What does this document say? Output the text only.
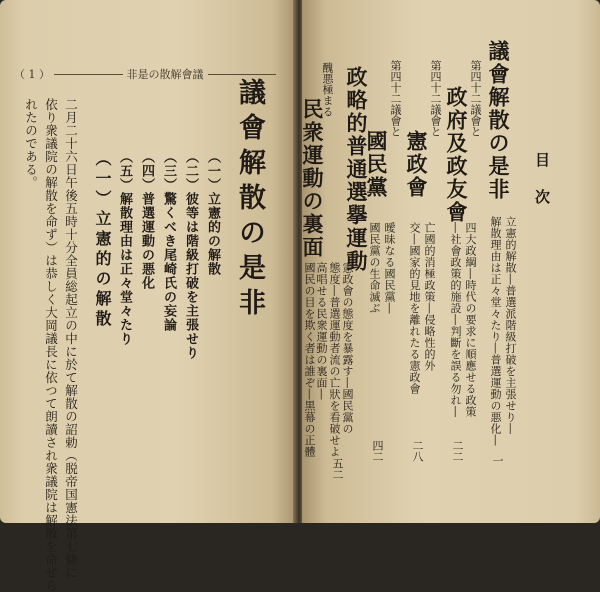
（ 1 ）	非是の散解會議
議會解散の是非
（一）立憲的の解散
（二）彼等は階級打破を主張せり
（三）驚くべき尾崎氏の妄論
（四）普選運動の悪化
（五）解散理由は正々堂々たり
（一）立憲的の解散
二月二十六日午後五時十分全員総起立の中に於て解散の詔勅（脱帝国憲法第七條に
依り衆議院の解散を命ず）は恭しく大岡議長に依つて朗讀され衆議院は解散を命ぜら
れたのである。	目次
議會解散の是非
立憲的解散―普選派階級打破を主張せり―
解散理由は正々堂々たり―普選運動の悪化―
一
第四十二議會と
政府及政友會
四大政綱―時代の要求に順應せる政策
―社會政策的施設―判斷を誤る勿れ―
二二
第四十二議會と
憲政會
亡國的消極政策―侵略性的外
交―國家的見地を離れたる憲政會
二八
第四十二議會と
國民黨
曖昧なる國民黨―
國民黨の生命滅ぶ
四二
政略的普通選擧運動
憲政會の態度を暴露す―國民黨の
態度―普選運動者流の亡狀を看破せよ
五二
醜悪極まる
民衆運動の裏面
高唱せる民衆運動の裏面―
國民の目を欺く者は誰ぞ―黒幕の正體
